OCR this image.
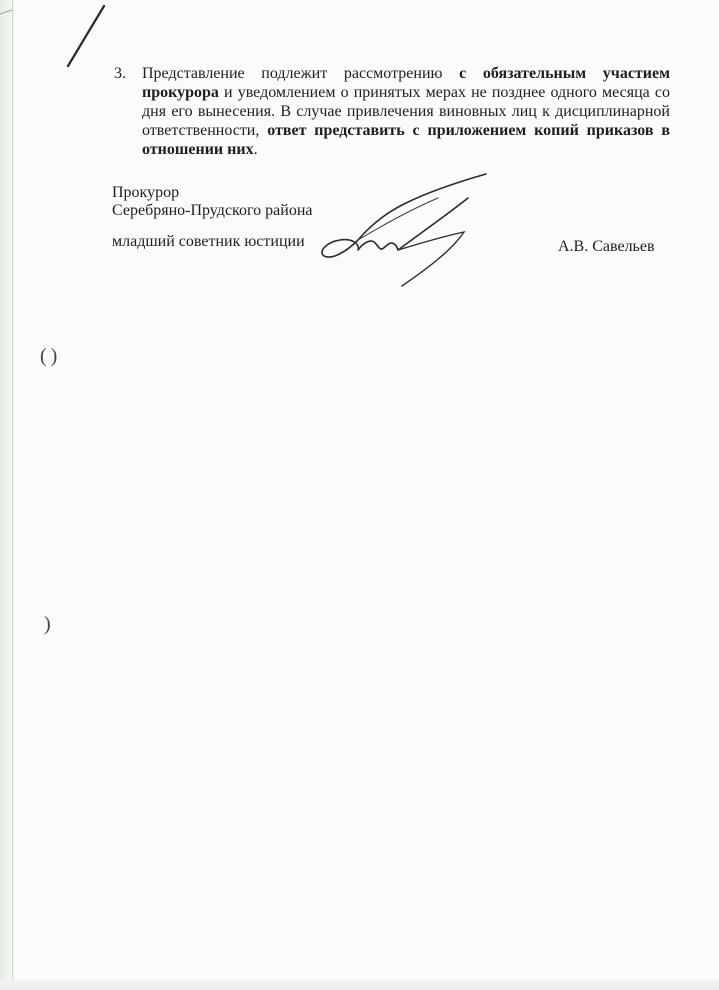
( )
)
3. Представление подлежит рассмотрению с обязательным участием прокурора и уведомлением о принятых мерах не позднее одного месяца со дня его вынесения. В случае привлечения виновных лиц к дисциплинарной ответственности, ответ представить с приложением копий приказов в отношении них.
Прокурор
Серебряно-Прудского района
младший советник юстиции	А.В. Савельев
